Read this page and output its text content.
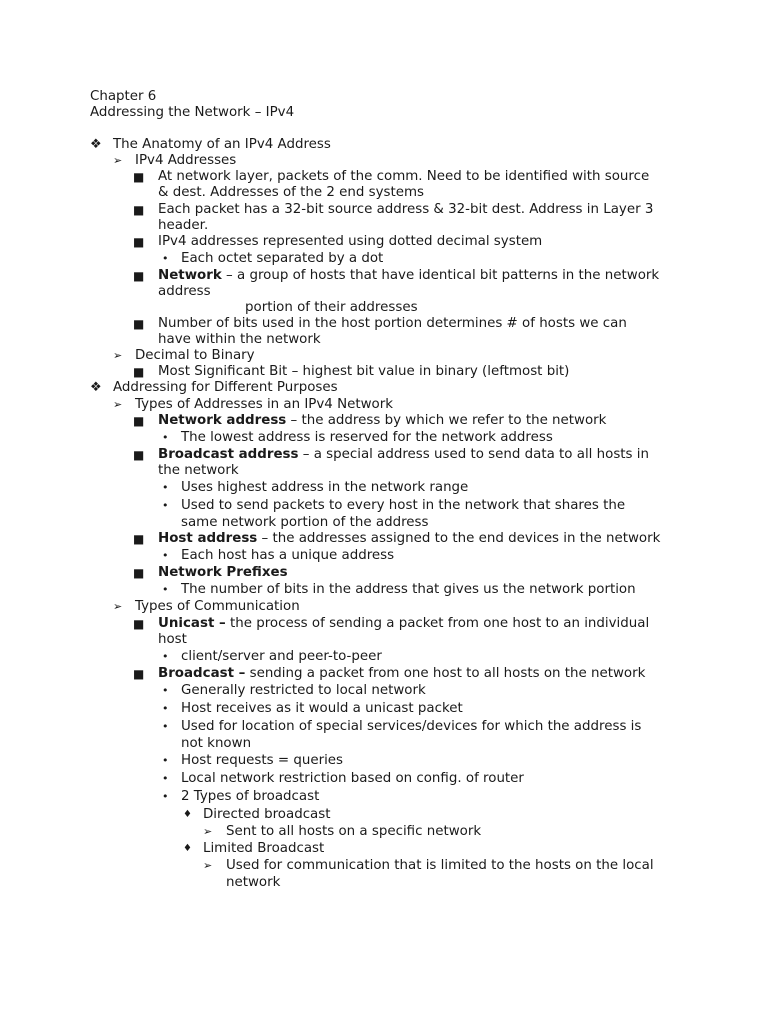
Chapter 6
Addressing the Network – IPv4
❖ The Anatomy of an IPv4 Address
➢ IPv4 Addresses
■	At network layer, packets of the comm. Need to be identified with source
& dest. Addresses of the 2 end systems
■	Each packet has a 32-bit source address & 32-bit dest. Address in Layer 3
header.
■	IPv4 addresses represented using dotted decimal system
• Each octet separated by a dot
■	Network – a group of hosts that have identical bit patterns in the network
address
portion of their addresses
■	Number of bits used in the host portion determines # of hosts we can
have within the network
➢ Decimal to Binary
■	Most Significant Bit – highest bit value in binary (leftmost bit)
❖ Addressing for Different Purposes
➢ Types of Addresses in an IPv4 Network
■	Network address – the address by which we refer to the network
• The lowest address is reserved for the network address
■	Broadcast address – a special address used to send data to all hosts in
the network
• Uses highest address in the network range
• Used to send packets to every host in the network that shares the
same network portion of the address
■	Host address – the addresses assigned to the end devices in the network
• Each host has a unique address
■	Network Prefixes
• The number of bits in the address that gives us the network portion
➢ Types of Communication
■	Unicast – the process of sending a packet from one host to an individual
host
• client/server and peer-to-peer
■	Broadcast – sending a packet from one host to all hosts on the network
• Generally restricted to local network
• Host receives as it would a unicast packet
• Used for location of special services/devices for which the address is
not known
• Host requests = queries
• Local network restriction based on config. of router
• 2 Types of broadcast
♦ Directed broadcast
➢	Sent to all hosts on a specific network
♦ Limited Broadcast
➢	Used for communication that is limited to the hosts on the local
network
